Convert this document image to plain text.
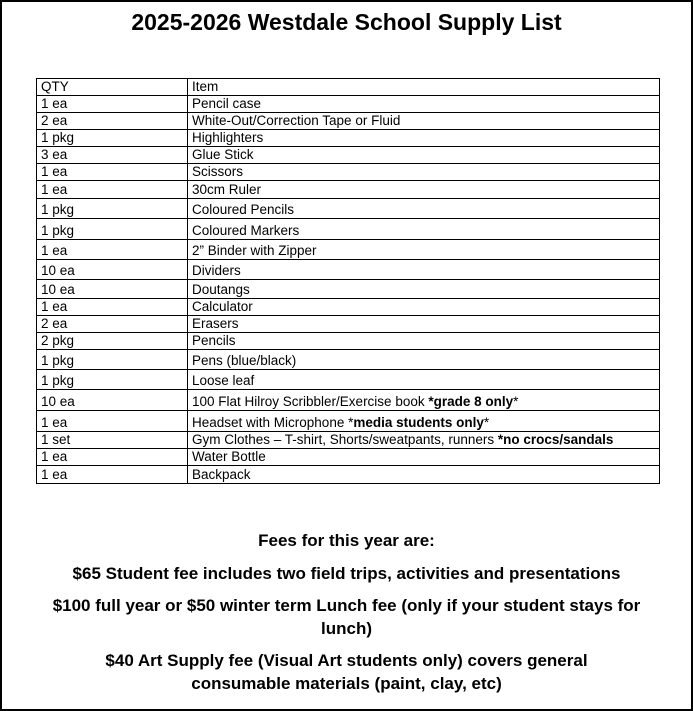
2025-2026 Westdale School Supply List
QTY	Item
1 ea	Pencil case
2 ea	White-Out/Correction Tape or Fluid
1 pkg	Highlighters
3 ea	Glue Stick
1 ea	Scissors
1 ea	30cm Ruler
1 pkg	Coloured Pencils
1 pkg	Coloured Markers
1 ea	2” Binder with Zipper
10 ea	Dividers
10 ea	Doutangs
1 ea	Calculator
2 ea	Erasers
2 pkg	Pencils
1 pkg	Pens (blue/black)
1 pkg	Loose leaf
10 ea	100 Flat Hilroy Scribbler/Exercise book *grade 8 only*
1 ea	Headset with Microphone *media students only*
1 set	Gym Clothes – T-shirt, Shorts/sweatpants, runners *no crocs/sandals
1 ea	Water Bottle
1 ea	Backpack

Fees for this year are:

$65 Student fee includes two field trips, activities and presentations

$100 full year or $50 winter term Lunch fee (only if your student stays for lunch)

$40 Art Supply fee (Visual Art students only) covers general consumable materials (paint, clay, etc)
